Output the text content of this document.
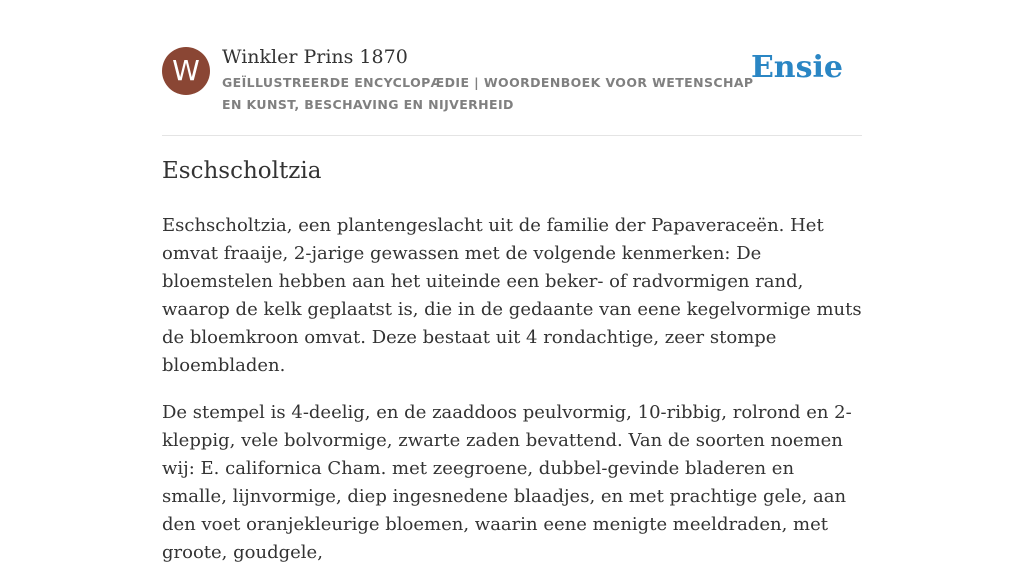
W	Winkler Prins 1870
GEÏLLUSTREERDE ENCYCLOPÆDIE | WOORDENBOEK VOOR WETENSCHAP EN KUNST, BESCHAVING EN NIJVERHEID
Ensie
Eschscholtzia

Eschscholtzia, een plantengeslacht uit de familie der Papaveraceën. Het omvat fraaije, 2-jarige gewassen met de volgende kenmerken: De bloemstelen hebben aan het uiteinde een beker- of radvormigen rand, waarop de kelk geplaatst is, die in de gedaante van eene kegelvormige muts de bloemkroon omvat. Deze bestaat uit 4 rondachtige, zeer stompe bloembladen.

De stempel is 4-deelig, en de zaaddoos peulvormig, 10-ribbig, rolrond en 2-kleppig, vele bolvormige, zwarte zaden bevattend. Van de soorten noemen wij: E. californica Cham. met zeegroene, dubbel-gevinde bladeren en smalle, lijnvormige, diep ingesnedene blaadjes, en met prachtige gele, aan den voet oranjekleurige bloemen, waarin eene menigte meeldraden, met groote, goudgele,
